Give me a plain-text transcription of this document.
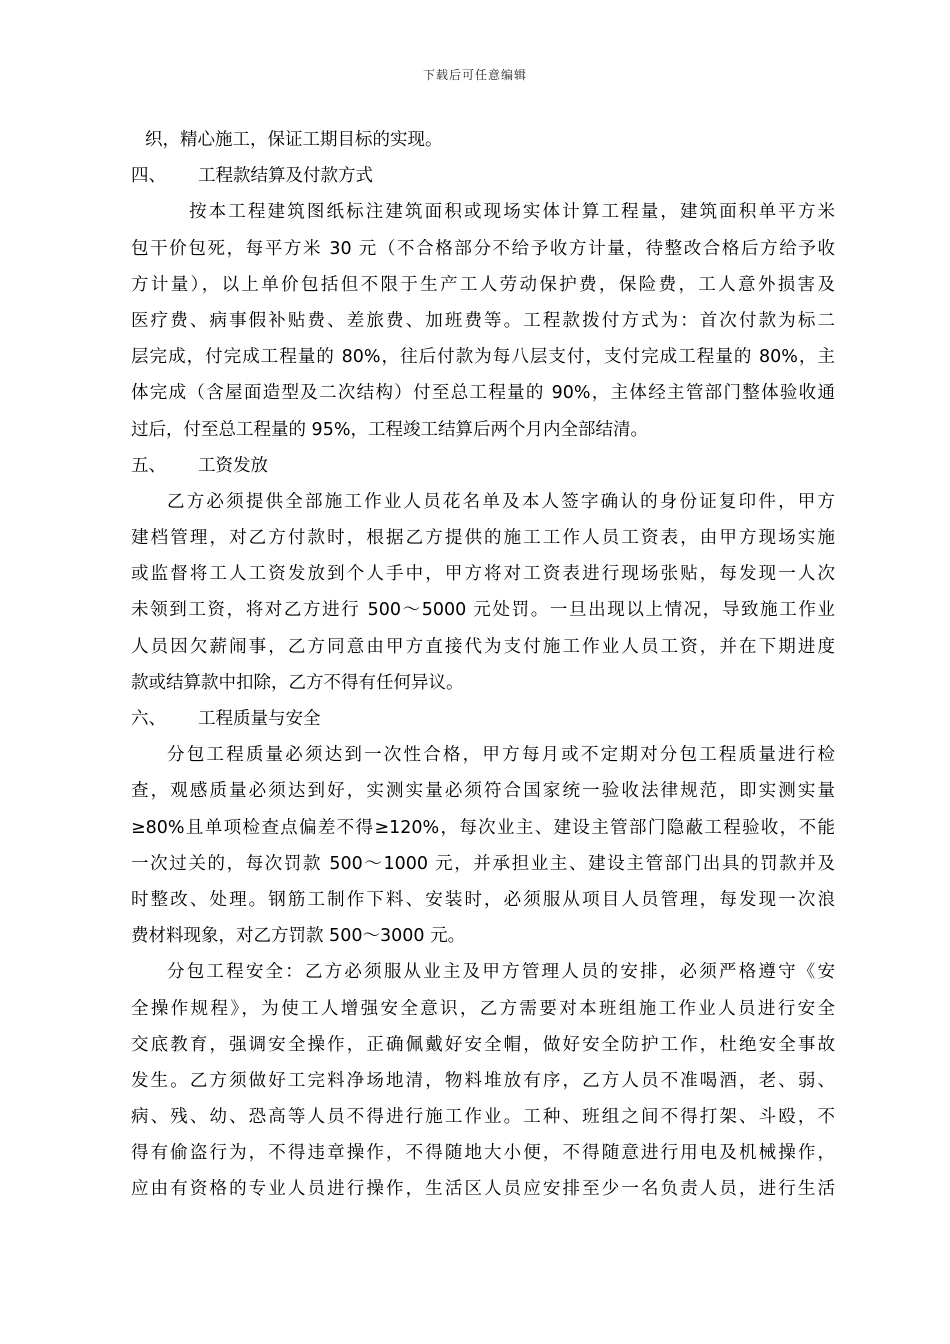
下载后可任意编辑
织，精心施工，保证工期目标的实现。
四、	工程款结算及付款方式
按本工程建筑图纸标注建筑面积或现场实体计算工程量，建筑面积单平方米
包干价包死，每平方米 30 元（不合格部分不给予收方计量，待整改合格后方给予收
方计量），以上单价包括但不限于生产工人劳动保护费，保险费，工人意外损害及
医疗费、病事假补贴费、差旅费、加班费等。工程款拨付方式为：首次付款为标二
层完成，付完成工程量的 80%，往后付款为每八层支付，支付完成工程量的 80%，主
体完成（含屋面造型及二次结构）付至总工程量的 90%，主体经主管部门整体验收通
过后，付至总工程量的 95%，工程竣工结算后两个月内全部结清。
五、	工资发放
乙方必须提供全部施工作业人员花名单及本人签字确认的身份证复印件，甲方
建档管理，对乙方付款时，根据乙方提供的施工工作人员工资表，由甲方现场实施
或监督将工人工资发放到个人手中，甲方将对工资表进行现场张贴，每发现一人次
未领到工资，将对乙方进行 500～5000 元处罚。一旦出现以上情况，导致施工作业
人员因欠薪闹事，乙方同意由甲方直接代为支付施工作业人员工资，并在下期进度
款或结算款中扣除，乙方不得有任何异议。
六、	工程质量与安全
分包工程质量必须达到一次性合格，甲方每月或不定期对分包工程质量进行检
查，观感质量必须达到好，实测实量必须符合国家统一验收法律规范，即实测实量
≥80%且单项检查点偏差不得≥120%，每次业主、建设主管部门隐蔽工程验收，不能
一次过关的，每次罚款 500～1000 元，并承担业主、建设主管部门出具的罚款并及
时整改、处理。钢筋工制作下料、安装时，必须服从项目人员管理，每发现一次浪
费材料现象，对乙方罚款 500～3000 元。
分包工程安全：乙方必须服从业主及甲方管理人员的安排，必须严格遵守《安
全操作规程》，为使工人增强安全意识，乙方需要对本班组施工作业人员进行安全
交底教育，强调安全操作，正确佩戴好安全帽，做好安全防护工作，杜绝安全事故
发生。乙方须做好工完料净场地清，物料堆放有序，乙方人员不准喝酒，老、弱、
病、残、幼、恐高等人员不得进行施工作业。工种、班组之间不得打架、斗殴，不
得有偷盗行为，不得违章操作，不得随地大小便，不得随意进行用电及机械操作，
应由有资格的专业人员进行操作，生活区人员应安排至少一名负责人员，进行生活
